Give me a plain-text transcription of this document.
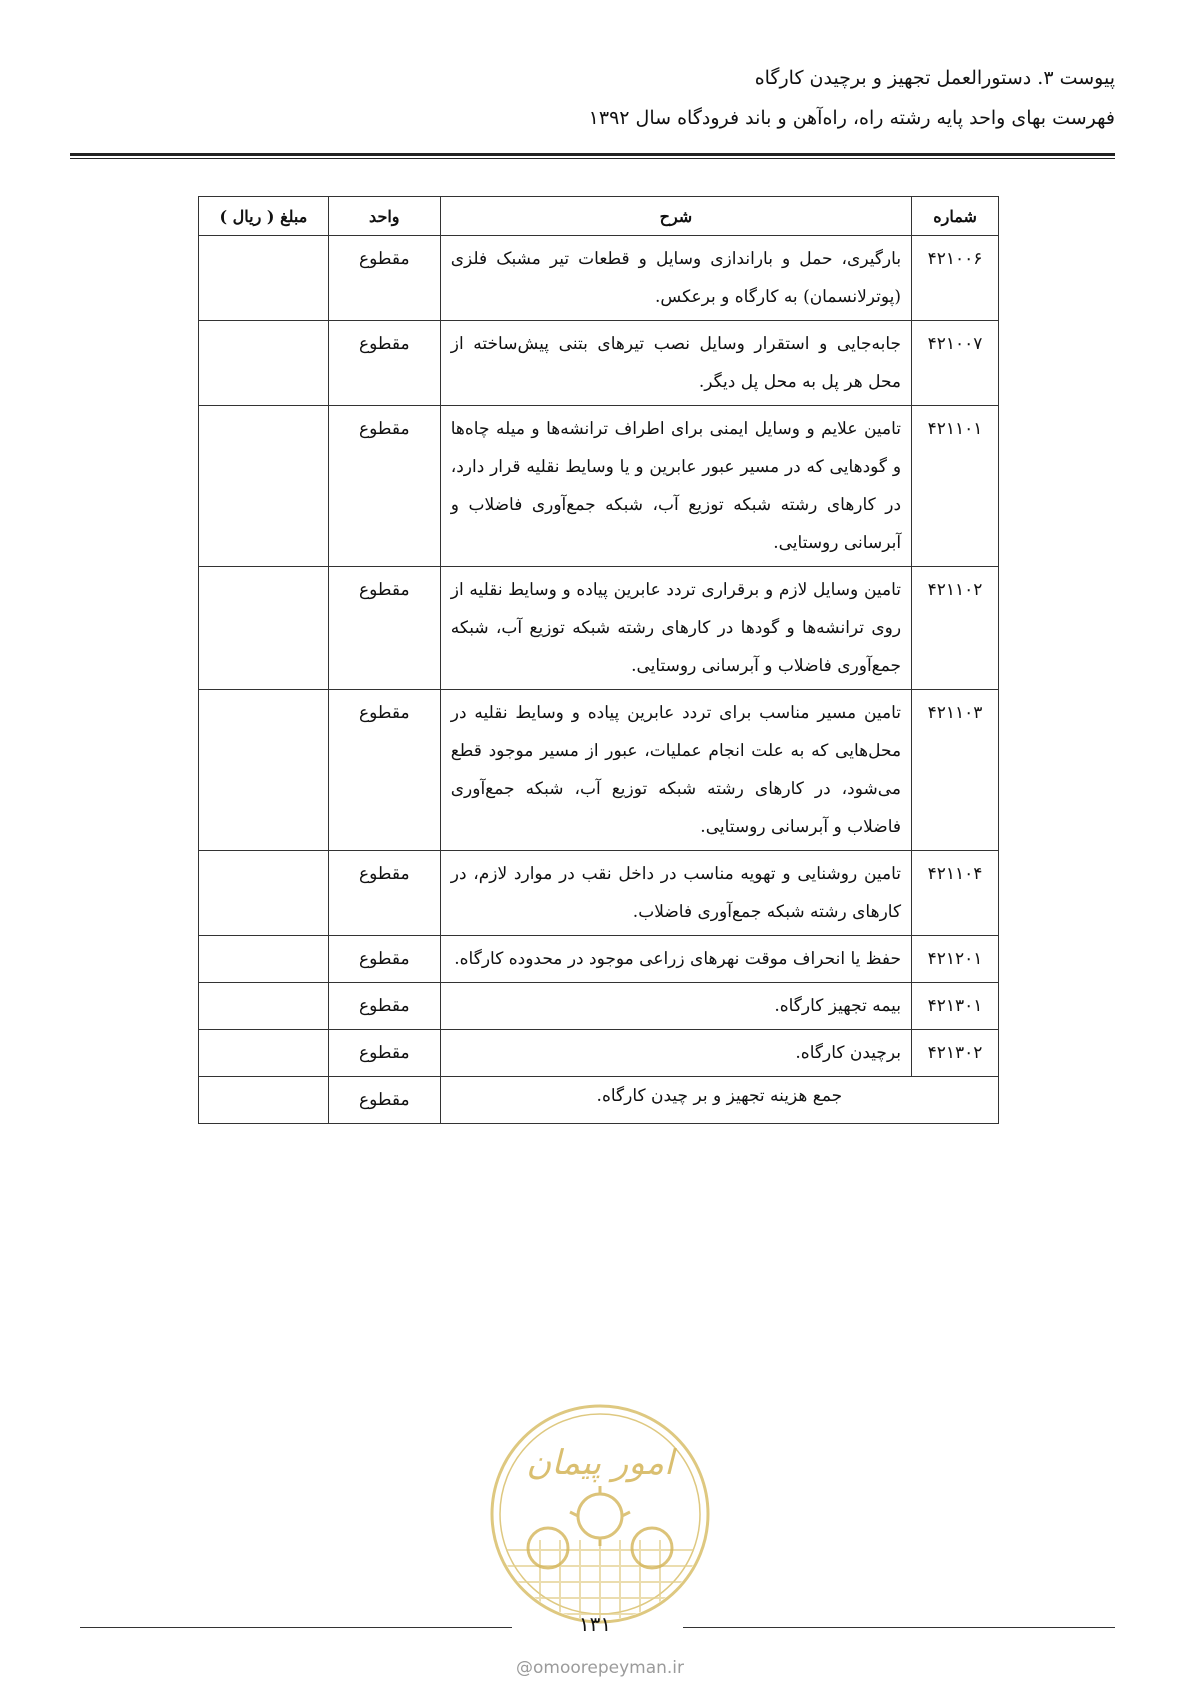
پیوست ۳. دستورالعمل تجهیز و برچیدن کارگاه
فهرست بهای واحد پایه رشته راه، راه‌آهن و باند فرودگاه سال ۱۳۹۲
شماره	شرح	واحد	مبلغ ( ریال )
۴۲۱۰۰۶	بارگیری، حمل و باراندازی وسایل و قطعات تیر مشبک فلزی (پوترلانسمان) به کارگاه و برعکس.	مقطوع	
۴۲۱۰۰۷	جابه‌جایی و استقرار وسایل نصب تیرهای بتنی پیش‌ساخته از محل هر پل به محل پل دیگر.	مقطوع	
۴۲۱۱۰۱	تامین علایم و وسایل ایمنی برای اطراف ترانشه‌ها و میله چاه‌ها و گودهایی که در مسیر عبور عابرین و یا وسایط نقلیه قرار دارد، در کارهای رشته شبکه توزیع آب، شبکه جمع‌آوری فاضلاب و آبرسانی روستایی.	مقطوع	
۴۲۱۱۰۲	تامین وسایل لازم و برقراری تردد عابرین پیاده و وسایط نقلیه از روی ترانشه‌ها و گودها در کارهای رشته شبکه توزیع آب، شبکه جمع‌آوری فاضلاب و آبرسانی روستایی.	مقطوع	
۴۲۱۱۰۳	تامین مسیر مناسب برای تردد عابرین پیاده و وسایط نقلیه در محل‌هایی که به علت انجام عملیات، عبور از مسیر موجود قطع می‌شود، در کارهای رشته شبکه توزیع آب، شبکه جمع‌آوری فاضلاب و آبرسانی روستایی.	مقطوع	
۴۲۱۱۰۴	تامین روشنایی و تهویه مناسب در داخل نقب در موارد لازم، در کارهای رشته شبکه جمع‌آوری فاضلاب.	مقطوع	
۴۲۱۲۰۱	حفظ یا انحراف موقت نهرهای زراعی موجود در محدوده کارگاه.	مقطوع	
۴۲۱۳۰۱	بیمه تجهیز کارگاه.	مقطوع	
۴۲۱۳۰۲	برچیدن کارگاه.	مقطوع	
جمع هزینه تجهیز و بر چیدن کارگاه.		مقطوع	
امور پیمان
۱۳۱
@omoorepeyman.ir
